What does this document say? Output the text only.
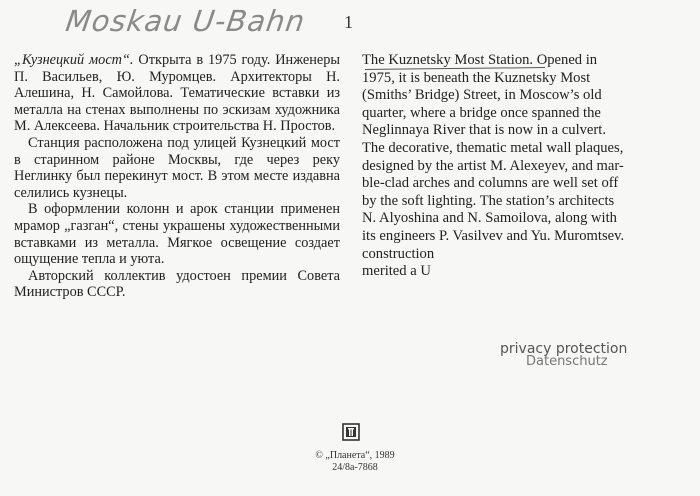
Moskau U-Bahn 1

„Кузнецкий мост“. Открыта в 1975 году. Инженеры П. Васильев, Ю. Муромцев. Архитекторы Н. Алешина, Н. Самойлова. Тематические вставки из металла на стенах выполнены по эскизам художника М. Алексеева. Начальник строительства Н. Простов.

Станция расположена под улицей Кузнецкий мост в старинном районе Москвы, где через реку Неглинку был перекинут мост. В этом месте издавна селились кузнецы.

В оформлении колонн и арок станции применен мрамор „газган“, стены украшены художественными вставками из металла. Мягкое освещение создает ощущение тепла и уюта.

Авторский коллектив удостоен премии Совета Министров СССР.

The Kuznetsky Most Station. Opened in
1975, it is beneath the Kuznetsky Most
(Smiths’ Bridge) Street, in Moscow’s old
quarter, where a bridge once spanned the
Neglinnaya River that is now in a culvert.
The decorative, thematic metal wall plaques,
designed by the artist M. Alexeyev, and mar-
ble-clad arches and columns are well set off
by the soft lighting. The station’s architects
N. Alyoshina and N. Samoilova, along with
its engineers P. Vasilvev and Yu. Muromtsev.
construction
merited a U
privacy protection
Datenschutz
© „Планета“, 1989
24/8a-7868
